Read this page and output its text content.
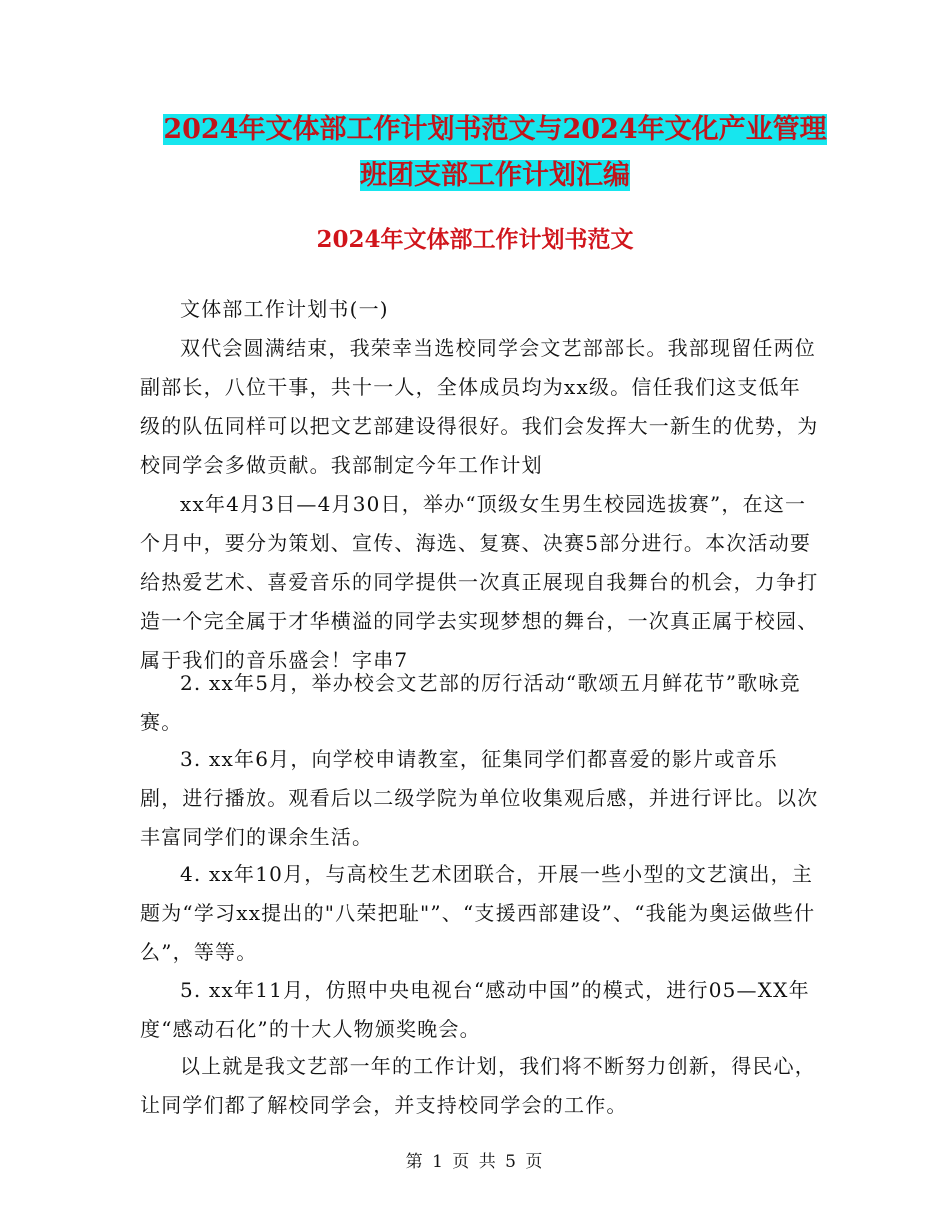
2024年文体部工作计划书范文与2024年文化产业管理
班团支部工作计划汇编
2024年文体部工作计划书范文

文体部工作计划书(一)

双代会圆满结束，我荣幸当选校同学会文艺部部长。我部现留任两位副部长，八位干事，共十一人，全体成员均为xx级。信任我们这支低年级的队伍同样可以把文艺部建设得很好。我们会发挥大一新生的优势，为校同学会多做贡献。我部制定今年工作计划

xx年4月3日—4月30日，举办“顶级女生男生校园选拔赛”，在这一个月中，要分为策划、宣传、海选、复赛、决赛5部分进行。本次活动要给热爱艺术、喜爱音乐的同学提供一次真正展现自我舞台的机会，力争打造一个完全属于才华横溢的同学去实现梦想的舞台，一次真正属于校园、属于我们的音乐盛会！字串7

2. xx年5月，举办校会文艺部的厉行活动“歌颂五月鲜花节”歌咏竞赛。

3. xx年6月，向学校申请教室，征集同学们都喜爱的影片或音乐剧，进行播放。观看后以二级学院为单位收集观后感，并进行评比。以次丰富同学们的课余生活。

4. xx年10月，与高校生艺术团联合，开展一些小型的文艺演出，主题为“学习xx提出的"八荣把耻"”、“支援西部建设”、“我能为奥运做些什么”，等等。

5. xx年11月，仿照中央电视台“感动中国”的模式，进行05—XX年度“感动石化”的十大人物颁奖晚会。

以上就是我文艺部一年的工作计划，我们将不断努力创新，得民心，让同学们都了解校同学会，并支持校同学会的工作。

第 1 页 共 5 页
